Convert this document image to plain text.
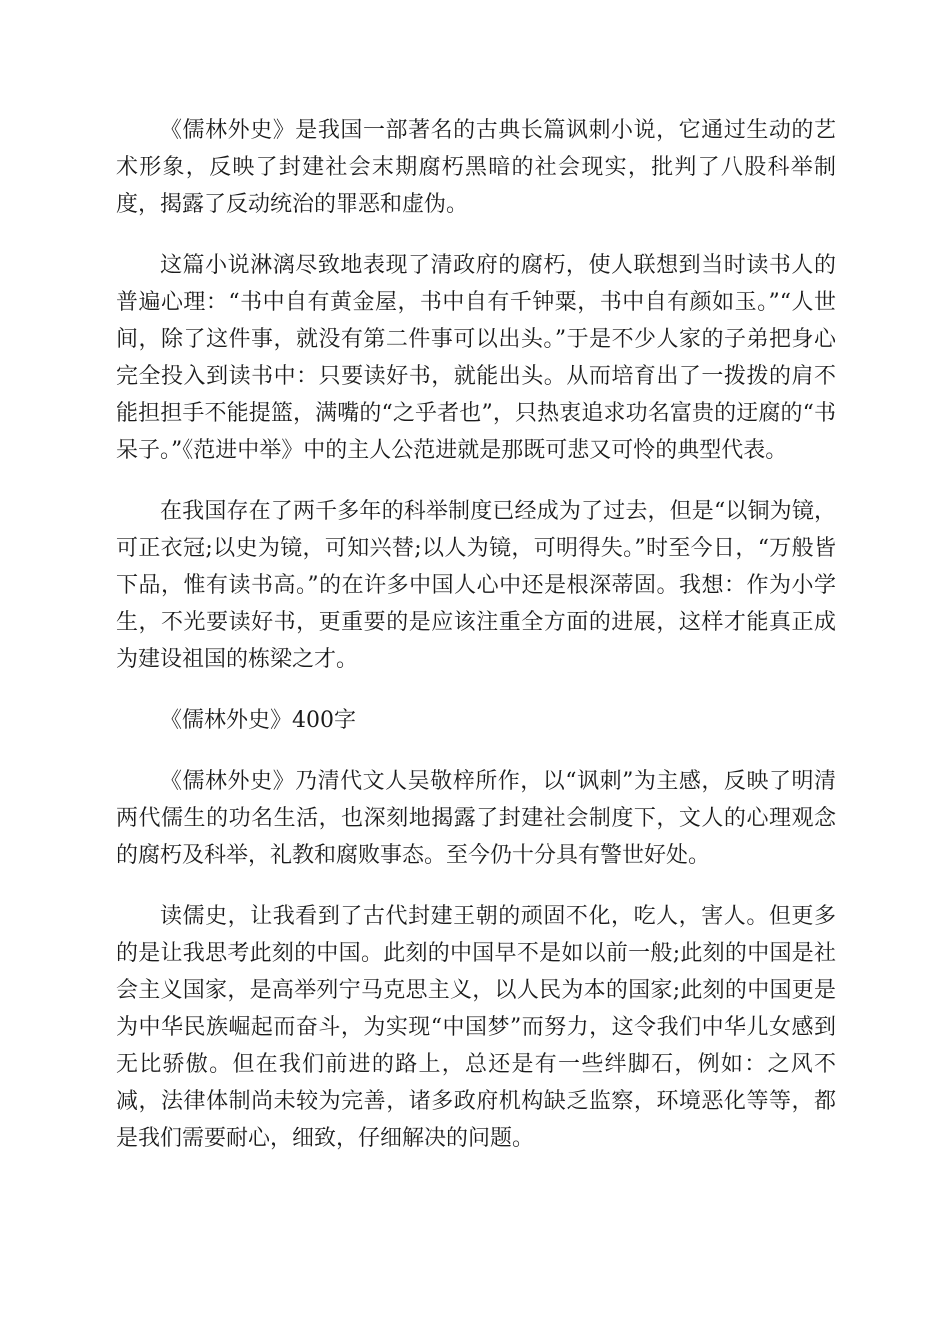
《儒林外史》是我国一部著名的古典长篇讽刺小说，它通过生动的艺术形象，反映了封建社会末期腐朽黑暗的社会现实，批判了八股科举制度，揭露了反动统治的罪恶和虚伪。

这篇小说淋漓尽致地表现了清政府的腐朽，使人联想到当时读书人的普遍心理：“书中自有黄金屋，书中自有千钟粟，书中自有颜如玉。”“人世间，除了这件事，就没有第二件事可以出头。”于是不少人家的子弟把身心完全投入到读书中：只要读好书，就能出头。从而培育出了一拨拨的肩不能担担手不能提篮，满嘴的“之乎者也”，只热衷追求功名富贵的迂腐的“书呆子。”《范进中举》中的主人公范进就是那既可悲又可怜的典型代表。

在我国存在了两千多年的科举制度已经成为了过去，但是“以铜为镜，可正衣冠;以史为镜，可知兴替;以人为镜，可明得失。”时至今日，“万般皆下品，惟有读书高。”的在许多中国人心中还是根深蒂固。我想：作为小学生，不光要读好书，更重要的是应该注重全方面的进展，这样才能真正成为建设祖国的栋梁之才。

《儒林外史》400字

《儒林外史》乃清代文人吴敬梓所作，以“讽刺”为主感，反映了明清两代儒生的功名生活，也深刻地揭露了封建社会制度下，文人的心理观念的腐朽及科举，礼教和腐败事态。至今仍十分具有警世好处。

读儒史，让我看到了古代封建王朝的顽固不化，吃人，害人。但更多的是让我思考此刻的中国。此刻的中国早不是如以前一般;此刻的中国是社会主义国家，是高举列宁马克思主义，以人民为本的国家;此刻的中国更是为中华民族崛起而奋斗，为实现“中国梦”而努力，这令我们中华儿女感到无比骄傲。但在我们前进的路上，总还是有一些绊脚石，例如：之风不减，法律体制尚未较为完善，诸多政府机构缺乏监察，环境恶化等等，都是我们需要耐心，细致，仔细解决的问题。
